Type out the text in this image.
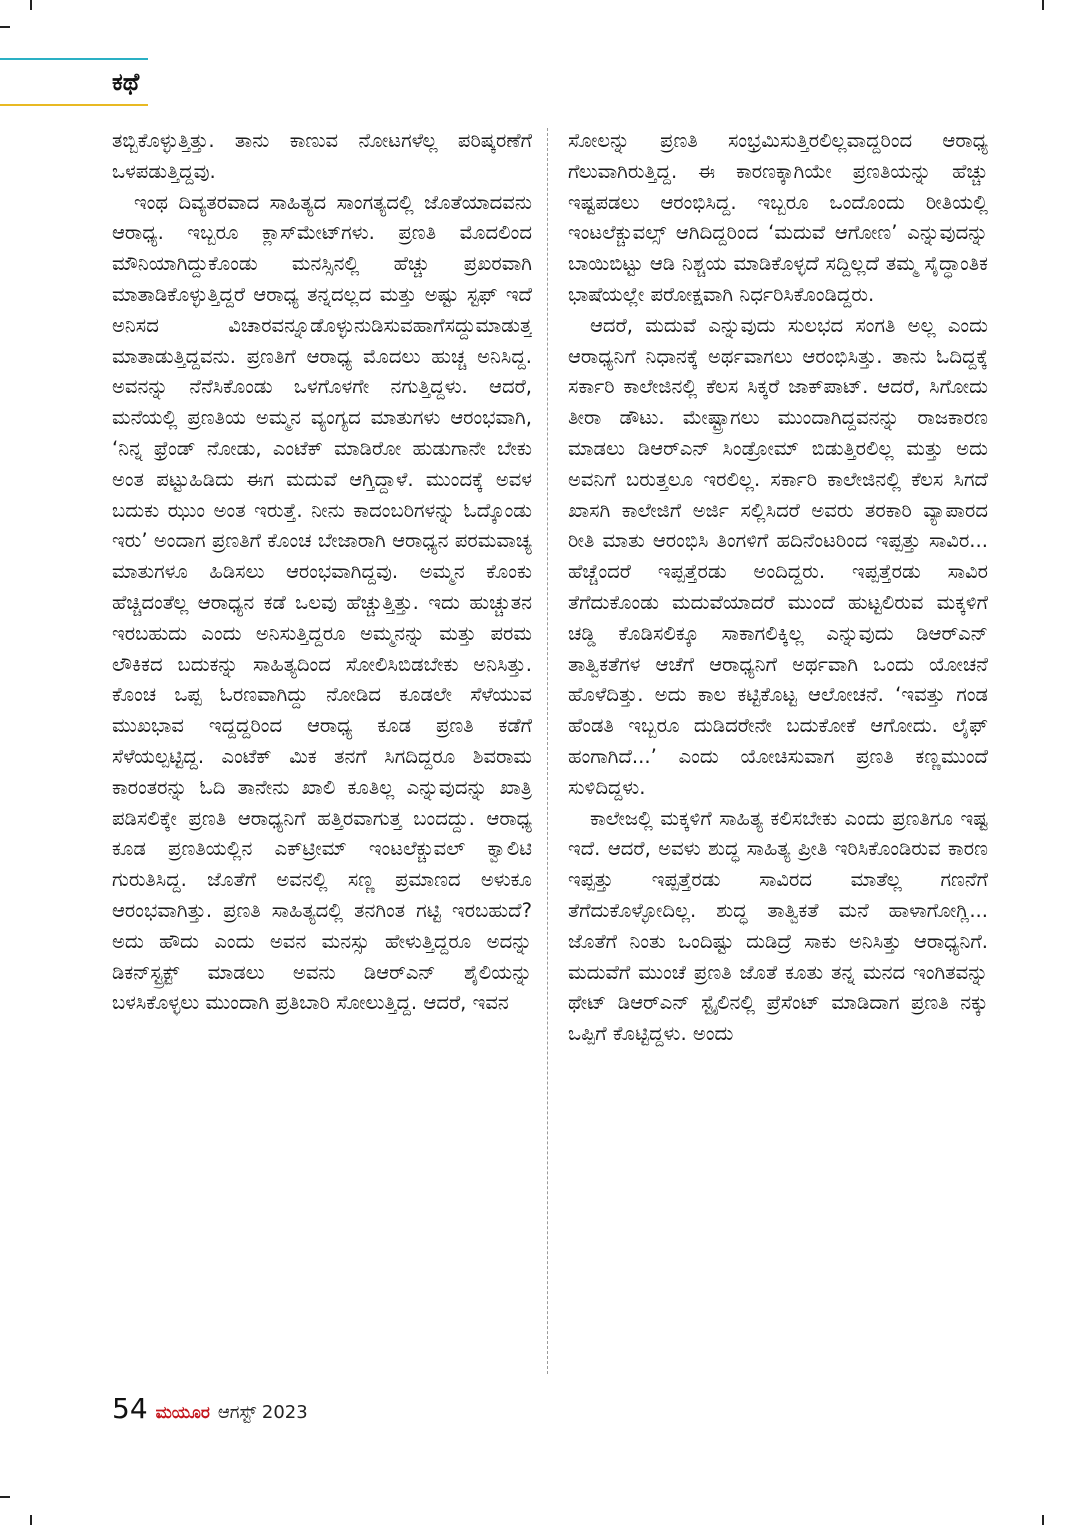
ಕಥೆ

ತಬ್ಬಿಕೊಳ್ಳುತ್ತಿತ್ತು. ತಾನು ಕಾಣುವ ನೋಟಗಳೆಲ್ಲ ಪರಿಷ್ಕರಣೆಗೆ ಒಳಪಡುತ್ತಿದ್ದವು.

ಇಂಥ ದಿವ್ಯತರವಾದ ಸಾಹಿತ್ಯದ ಸಾಂಗತ್ಯದಲ್ಲಿ ಜೊತೆಯಾದವನು ಆರಾಧ್ಯ. ಇಬ್ಬರೂ ಕ್ಲಾಸ್‌ಮೇಟ್‌ಗಳು. ಪ್ರಣತಿ ಮೊದಲಿಂದ ಮೌನಿಯಾಗಿದ್ದುಕೊಂಡು ಮನಸ್ಸಿನಲ್ಲಿ ಹೆಚ್ಚು ಪ್ರಖರವಾಗಿ ಮಾತಾಡಿಕೊಳ್ಳುತ್ತಿದ್ದರೆ ಆರಾಧ್ಯ ತನ್ನದಲ್ಲದ ಮತ್ತು ಅಷ್ಟು ಸ್ಟಫ್ ಇದೆ ಅನಿಸದ ವಿಚಾರವನ್ನೂಡೊಳ್ಳುನುಡಿಸುವಹಾಗೆಸದ್ದುಮಾಡುತ್ತ ಮಾತಾಡುತ್ತಿದ್ದವನು. ಪ್ರಣತಿಗೆ ಆರಾಧ್ಯ ಮೊದಲು ಹುಚ್ಚ ಅನಿಸಿದ್ದ. ಅವನನ್ನು ನೆನೆಸಿಕೊಂಡು ಒಳಗೊಳಗೇ ನಗುತ್ತಿದ್ದಳು. ಆದರೆ, ಮನೆಯಲ್ಲಿ ಪ್ರಣತಿಯ ಅಮ್ಮನ ವ್ಯಂಗ್ಯದ ಮಾತುಗಳು ಆರಂಭವಾಗಿ, ‘ನಿನ್ನ ಫ್ರೆಂಡ್ ನೋಡು, ಎಂಟೆಕ್ ಮಾಡಿರೋ ಹುಡುಗಾನೇ ಬೇಕು ಅಂತ ಪಟ್ಟುಹಿಡಿದು ಈಗ ಮದುವೆ ಆಗ್ತಿದ್ದಾಳೆ. ಮುಂದಕ್ಕೆ ಅವಳ ಬದುಕು ಝುಂ ಅಂತ ಇರುತ್ತೆ. ನೀನು ಕಾದಂಬರಿಗಳನ್ನು ಓದ್ಕೊಂಡು ಇರು’ ಅಂದಾಗ ಪ್ರಣತಿಗೆ ಕೊಂಚ ಬೇಜಾರಾಗಿ ಆರಾಧ್ಯನ ಪರಮವಾಚ್ಯ ಮಾತುಗಳೂ ಹಿಡಿಸಲು ಆರಂಭವಾಗಿದ್ದವು. ಅಮ್ಮನ ಕೊಂಕು ಹೆಚ್ಚಿದಂತೆಲ್ಲ ಆರಾಧ್ಯನ ಕಡೆ ಒಲವು ಹೆಚ್ಚುತ್ತಿತ್ತು. ಇದು ಹುಚ್ಚುತನ ಇರಬಹುದು ಎಂದು ಅನಿಸುತ್ತಿದ್ದರೂ ಅಮ್ಮನನ್ನು ಮತ್ತು ಪರಮ ಲೌಕಿಕದ ಬದುಕನ್ನು ಸಾಹಿತ್ಯದಿಂದ ಸೋಲಿಸಿಬಿಡಬೇಕು ಅನಿಸಿತ್ತು. ಕೊಂಚ ಒಪ್ಪ ಓರಣವಾಗಿದ್ದು ನೋಡಿದ ಕೂಡಲೇ ಸೆಳೆಯುವ ಮುಖಭಾವ ಇದ್ದದ್ದರಿಂದ ಆರಾಧ್ಯ ಕೂಡ ಪ್ರಣತಿ ಕಡೆಗೆ ಸೆಳೆಯಲ್ಪಟ್ಟಿದ್ದ. ಎಂಟೆಕ್ ಮಿಕ ತನಗೆ ಸಿಗದಿದ್ದರೂ ಶಿವರಾಮ ಕಾರಂತರನ್ನು ಓದಿ ತಾನೇನು ಖಾಲಿ ಕೂತಿಲ್ಲ ಎನ್ನುವುದನ್ನು ಖಾತ್ರಿ ಪಡಿಸಲಿಕ್ಕೇ ಪ್ರಣತಿ ಆರಾಧ್ಯನಿಗೆ ಹತ್ತಿರವಾಗುತ್ತ ಬಂದದ್ದು. ಆರಾಧ್ಯ ಕೂಡ ಪ್ರಣತಿಯಲ್ಲಿನ ಎಕ್‌ಟ್ರೀಮ್ ಇಂಟಲೆಕ್ಚುವಲ್ ಕ್ವಾಲಿಟಿ ಗುರುತಿಸಿದ್ದ. ಜೊತೆಗೆ ಅವನಲ್ಲಿ ಸಣ್ಣ ಪ್ರಮಾಣದ ಅಳುಕೂ ಆರಂಭವಾಗಿತ್ತು. ಪ್ರಣತಿ ಸಾಹಿತ್ಯದಲ್ಲಿ ತನಗಿಂತ ಗಟ್ಟಿ ಇರಬಹುದೆ? ಅದು ಹೌದು ಎಂದು ಅವನ ಮನಸ್ಸು ಹೇಳುತ್ತಿದ್ದರೂ ಅದನ್ನು ಡಿಕನ್‌ಸ್ಟ್ರಕ್ಟ್ ಮಾಡಲು ಅವನು ಡಿಆರ್‌ಎನ್ ಶೈಲಿಯನ್ನು ಬಳಸಿಕೊಳ್ಳಲು ಮುಂದಾಗಿ ಪ್ರತಿಬಾರಿ ಸೋಲುತ್ತಿದ್ದ. ಆದರೆ, ಇವನ

ಸೋಲನ್ನು ಪ್ರಣತಿ ಸಂಭ್ರಮಿಸುತ್ತಿರಲಿಲ್ಲವಾದ್ದರಿಂದ ಆರಾಧ್ಯ ಗೆಲುವಾಗಿರುತ್ತಿದ್ದ. ಈ ಕಾರಣಕ್ಕಾಗಿಯೇ ಪ್ರಣತಿಯನ್ನು ಹೆಚ್ಚು ಇಷ್ಟಪಡಲು ಆರಂಭಿಸಿದ್ದ. ಇಬ್ಬರೂ ಒಂದೊಂದು ರೀತಿಯಲ್ಲಿ ಇಂಟಲೆಕ್ಚುವಲ್ಸ್ ಆಗಿದಿದ್ದರಿಂದ ‘ಮದುವೆ ಆಗೋಣ’ ಎನ್ನುವುದನ್ನು ಬಾಯಿಬಿಟ್ಟು ಆಡಿ ನಿಶ್ಚಯ ಮಾಡಿಕೊಳ್ಳದೆ ಸದ್ದಿಲ್ಲದೆ ತಮ್ಮ ಸೈದ್ಧಾಂತಿಕ ಭಾಷೆಯಲ್ಲೇ ಪರೋಕ್ಷವಾಗಿ ನಿರ್ಧರಿಸಿಕೊಂಡಿದ್ದರು.

ಆದರೆ, ಮದುವೆ ಎನ್ನುವುದು ಸುಲಭದ ಸಂಗತಿ ಅಲ್ಲ ಎಂದು ಆರಾಧ್ಯನಿಗೆ ನಿಧಾನಕ್ಕೆ ಅರ್ಥವಾಗಲು ಆರಂಭಿಸಿತ್ತು. ತಾನು ಓದಿದ್ದಕ್ಕೆ ಸರ್ಕಾರಿ ಕಾಲೇಜಿನಲ್ಲಿ ಕೆಲಸ ಸಿಕ್ಕರೆ ಜಾಕ್‌ಪಾಟ್. ಆದರೆ, ಸಿಗೋದು ತೀರಾ ಡೌಟು. ಮೇಷ್ಟ್ರಾಗಲು ಮುಂದಾಗಿದ್ದವನನ್ನು ರಾಜಕಾರಣ ಮಾಡಲು ಡಿಆರ್‌ಎನ್ ಸಿಂಡ್ರೋಮ್ ಬಿಡುತ್ತಿರಲಿಲ್ಲ ಮತ್ತು ಅದು ಅವನಿಗೆ ಬರುತ್ತಲೂ ಇರಲಿಲ್ಲ. ಸರ್ಕಾರಿ ಕಾಲೇಜಿನಲ್ಲಿ ಕೆಲಸ ಸಿಗದೆ ಖಾಸಗಿ ಕಾಲೇಜಿಗೆ ಅರ್ಜಿ ಸಲ್ಲಿಸಿದರೆ ಅವರು ತರಕಾರಿ ವ್ಯಾಪಾರದ ರೀತಿ ಮಾತು ಆರಂಭಿಸಿ ತಿಂಗಳಿಗೆ ಹದಿನೆಂಟರಿಂದ ಇಪ್ಪತ್ತು ಸಾವಿರ... ಹೆಚ್ಚೆಂದರೆ ಇಪ್ಪತ್ತೆರಡು ಅಂದಿದ್ದರು. ಇಪ್ಪತ್ತೆರಡು ಸಾವಿರ ತೆಗೆದುಕೊಂಡು ಮದುವೆಯಾದರೆ ಮುಂದೆ ಹುಟ್ಟಲಿರುವ ಮಕ್ಕಳಿಗೆ ಚಡ್ಡಿ ಕೊಡಿಸಲಿಕ್ಕೂ ಸಾಕಾಗಲಿಕ್ಕಿಲ್ಲ ಎನ್ನುವುದು ಡಿಆರ್‌ಎನ್ ತಾತ್ವಿಕತೆಗಳ ಆಚೆಗೆ ಆರಾಧ್ಯನಿಗೆ ಅರ್ಥವಾಗಿ ಒಂದು ಯೋಚನೆ ಹೊಳೆದಿತ್ತು. ಅದು ಕಾಲ ಕಟ್ಟಿಕೊಟ್ಟ ಆಲೋಚನೆ. ‘ಇವತ್ತು ಗಂಡ ಹೆಂಡತಿ ಇಬ್ಬರೂ ದುಡಿದರೇನೇ ಬದುಕೋಕೆ ಆಗೋದು. ಲೈಫ್ ಹಂಗಾಗಿದೆ...’ ಎಂದು ಯೋಚಿಸುವಾಗ ಪ್ರಣತಿ ಕಣ್ಣಮುಂದೆ ಸುಳಿದಿದ್ದಳು.

ಕಾಲೇಜಲ್ಲಿ ಮಕ್ಕಳಿಗೆ ಸಾಹಿತ್ಯ ಕಲಿಸಬೇಕು ಎಂದು ಪ್ರಣತಿಗೂ ಇಷ್ಟ ಇದೆ. ಆದರೆ, ಅವಳು ಶುದ್ಧ ಸಾಹಿತ್ಯ ಪ್ರೀತಿ ಇರಿಸಿಕೊಂಡಿರುವ ಕಾರಣ ಇಪ್ಪತ್ತು ಇಪ್ಪತ್ತೆರಡು ಸಾವಿರದ ಮಾತೆಲ್ಲ ಗಣನೆಗೆ ತೆಗೆದುಕೊಳ್ಳೋದಿಲ್ಲ. ಶುದ್ಧ ತಾತ್ವಿಕತೆ ಮನೆ ಹಾಳಾಗೋಗ್ಲಿ... ಜೊತೆಗೆ ನಿಂತು ಒಂದಿಷ್ಟು ದುಡಿದ್ರೆ ಸಾಕು ಅನಿಸಿತ್ತು ಆರಾಧ್ಯನಿಗೆ. ಮದುವೆಗೆ ಮುಂಚೆ ಪ್ರಣತಿ ಜೊತೆ ಕೂತು ತನ್ನ ಮನದ ಇಂಗಿತವನ್ನು ಥೇಟ್ ಡಿಆರ್‌ಎನ್ ಸ್ಟೈಲಿನಲ್ಲಿ ಪ್ರೆಸೆಂಟ್ ಮಾಡಿದಾಗ ಪ್ರಣತಿ ನಕ್ಕು ಒಪ್ಪಿಗೆ ಕೊಟ್ಟಿದ್ದಳು. ಅಂದು

54 ಮಯೂರ ಆಗಸ್ಟ್ 2023
